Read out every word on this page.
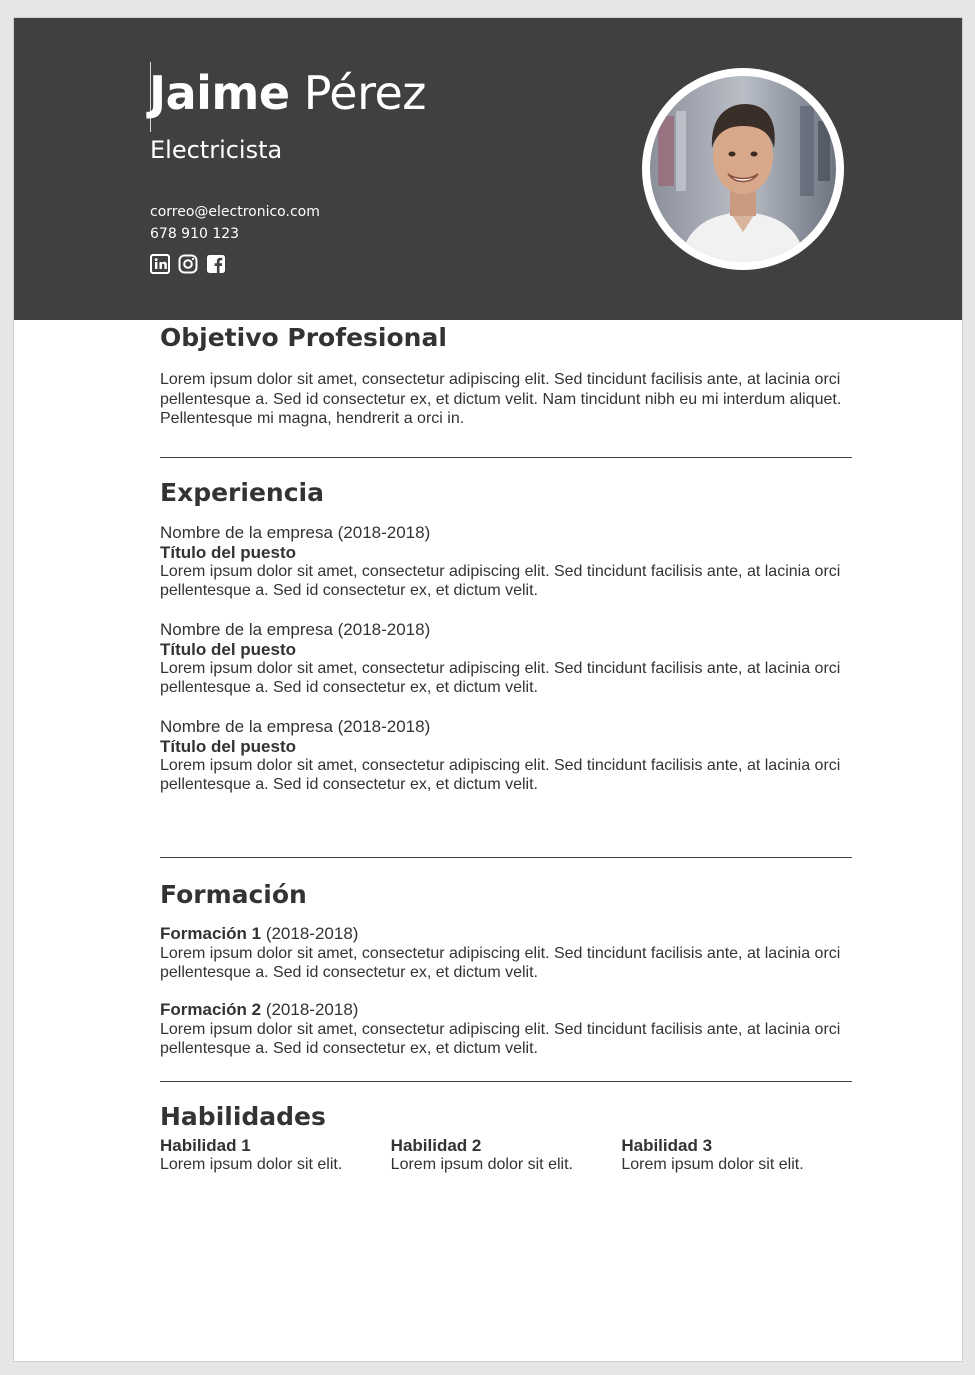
Jaime Pérez
Electricista
correo@electronico.com
678 910 123
Objetivo Profesional

Lorem ipsum dolor sit amet, consectetur adipiscing elit. Sed tincidunt facilisis ante, at lacinia orci pellentesque a. Sed id consectetur ex, et dictum velit. Nam tincidunt nibh eu mi interdum aliquet. Pellentesque mi magna, hendrerit a orci in.

Experiencia
Nombre de la empresa (2018-2018)
Título del puesto
Lorem ipsum dolor sit amet, consectetur adipiscing elit. Sed tincidunt facilisis ante, at lacinia orci pellentesque a. Sed id consectetur ex, et dictum velit.
Nombre de la empresa (2018-2018)
Título del puesto
Lorem ipsum dolor sit amet, consectetur adipiscing elit. Sed tincidunt facilisis ante, at lacinia orci pellentesque a. Sed id consectetur ex, et dictum velit.
Nombre de la empresa (2018-2018)
Título del puesto
Lorem ipsum dolor sit amet, consectetur adipiscing elit. Sed tincidunt facilisis ante, at lacinia orci pellentesque a. Sed id consectetur ex, et dictum velit.
Formación
Formación 1 (2018-2018)
Lorem ipsum dolor sit amet, consectetur adipiscing elit. Sed tincidunt facilisis ante, at lacinia orci pellentesque a. Sed id consectetur ex, et dictum velit.
Formación 2 (2018-2018)
Lorem ipsum dolor sit amet, consectetur adipiscing elit. Sed tincidunt facilisis ante, at lacinia orci pellentesque a. Sed id consectetur ex, et dictum velit.
Habilidades
Habilidad 1
Lorem ipsum dolor sit elit.
Habilidad 2
Lorem ipsum dolor sit elit.
Habilidad 3
Lorem ipsum dolor sit elit.
